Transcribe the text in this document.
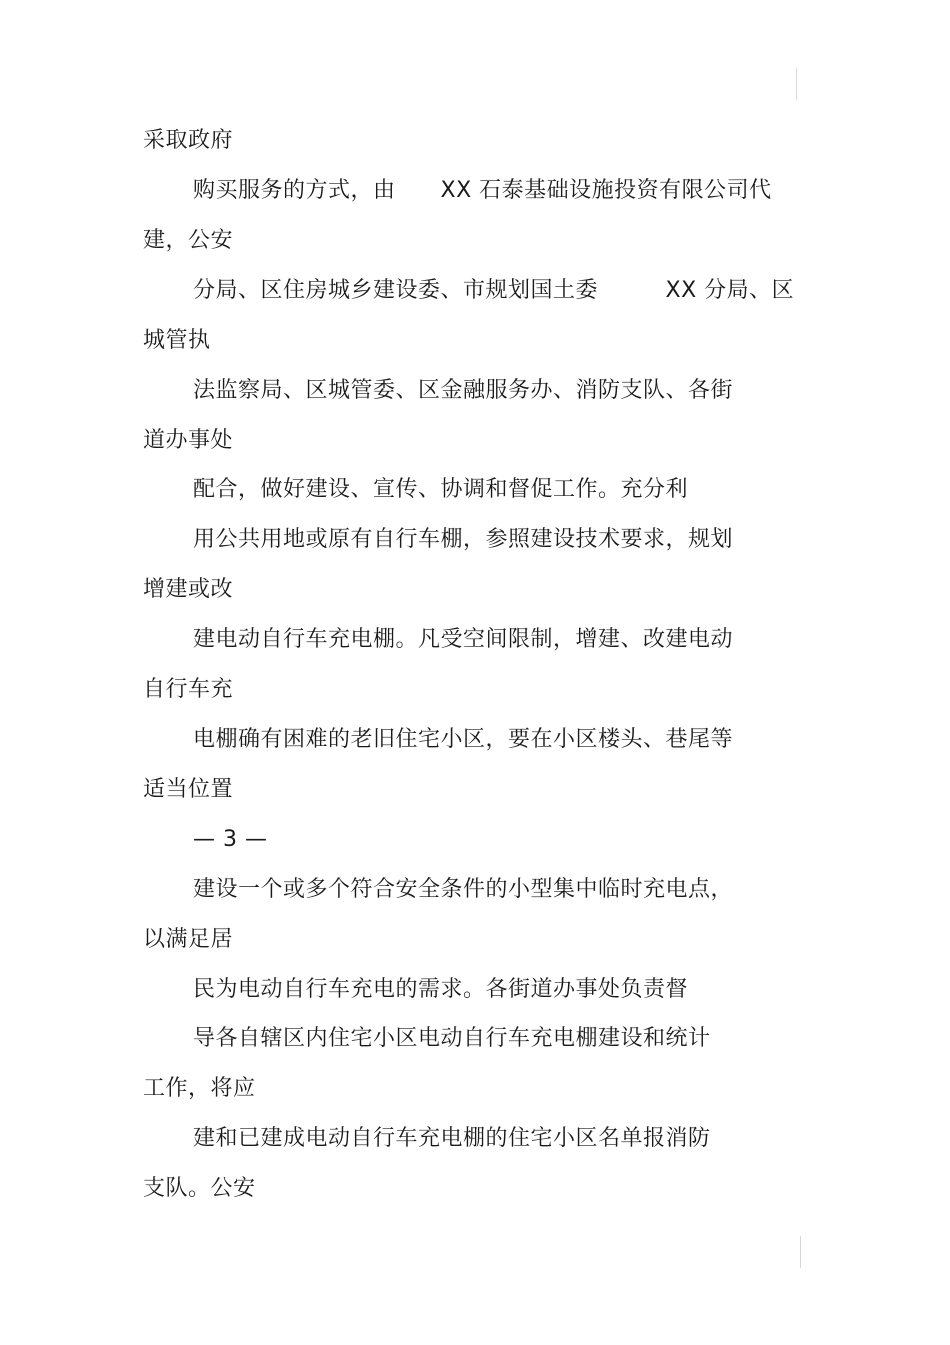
采取政府
购买服务的方式，由　　XX 石泰基础设施投资有限公司代
建，公安
分局、区住房城乡建设委、市规划国土委　　　XX 分局、区
城管执
法监察局、区城管委、区金融服务办、消防支队、各街
道办事处
配合，做好建设、宣传、协调和督促工作。充分利
用公共用地或原有自行车棚，参照建设技术要求，规划
增建或改
建电动自行车充电棚。凡受空间限制，增建、改建电动
自行车充
电棚确有困难的老旧住宅小区，要在小区楼头、巷尾等
适当位置
— 3 —
建设一个或多个符合安全条件的小型集中临时充电点，
以满足居
民为电动自行车充电的需求。各街道办事处负责督
导各自辖区内住宅小区电动自行车充电棚建设和统计
工作，将应
建和已建成电动自行车充电棚的住宅小区名单报消防
支队。公安
